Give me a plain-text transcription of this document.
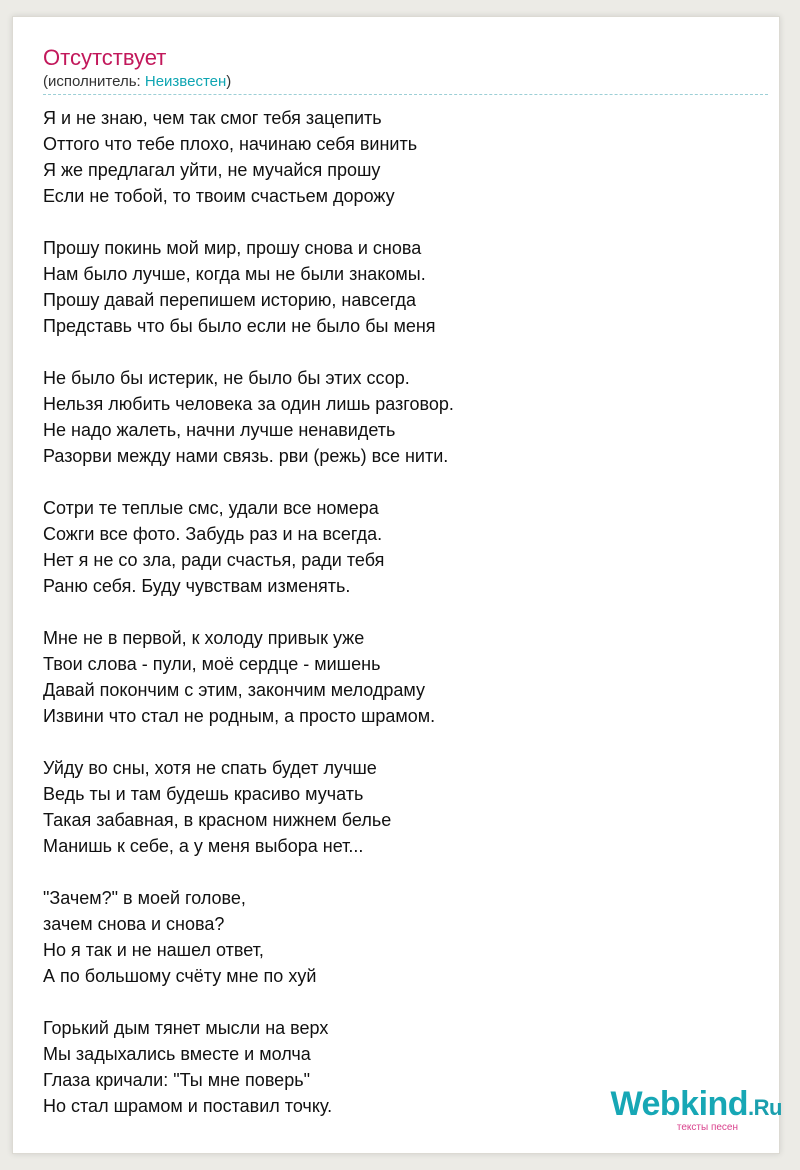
Отсутствует
(исполнитель: Неизвестен)
Я и не знаю, чем так смог тебя зацепить
Оттого что тебе плохо, начинаю себя винить
Я же предлагал уйти, не мучайся прошу
Если не тобой, то твоим счастьем дорожу
Прошу покинь мой мир, прошу снова и снова
Нам было лучше, когда мы не были знакомы.
Прошу давай перепишем историю, навсегда
Представь что бы было если не было бы меня
Не было бы истерик, не было бы этих ссор.
Нельзя любить человека за один лишь разговор.
Не надо жалеть, начни лучше ненавидеть
Разорви между нами связь. рви (режь) все нити.
Сотри те теплые смс, удали все номера
Сожги все фото. Забудь раз и на всегда.
Нет я не со зла, ради счастья, ради тебя
Раню себя. Буду чувствам изменять.
Мне не в первой, к холоду привык уже
Твои слова - пули, моё сердце - мишень
Давай покончим с этим, закончим мелодраму
Извини что стал не родным, а просто шрамом.
Уйду во сны, хотя не спать будет лучше
Ведь ты и там будешь красиво мучать
Такая забавная, в красном нижнем белье
Манишь к себе, а у меня выбора нет...
"Зачем?" в моей голове,
зачем снова и снова?
Но я так и не нашел ответ,
А по большому счёту мне по хуй
Горький дым тянет мысли на верх
Мы задыхались вместе и молча
Глаза кричали: "Ты мне поверь"
Но стал шрамом и поставил точку.	Webkind.Ru
тексты песен
